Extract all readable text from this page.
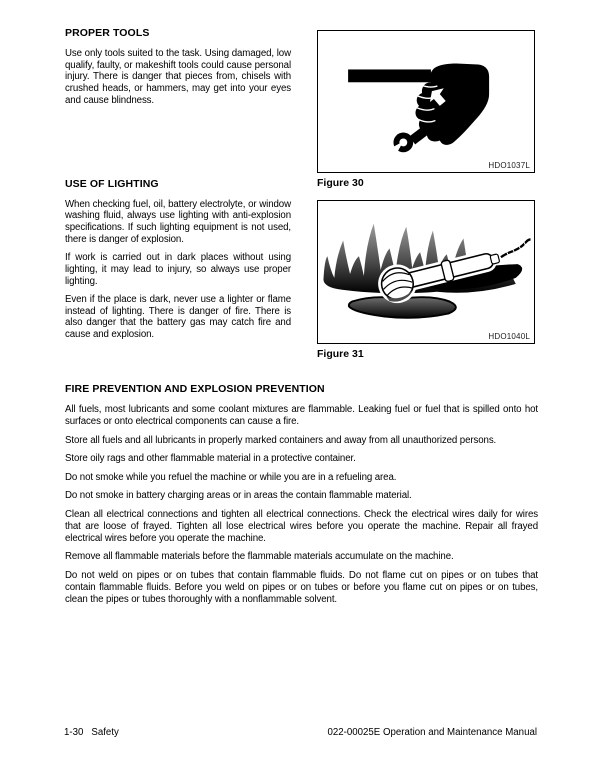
PROPER TOOLS

Use only tools suited to the task. Using damaged, low qualify, faulty, or makeshift tools could cause personal injury. There is danger that pieces from, chisels with crushed heads, or hammers, may get into your eyes and cause blindness.

USE OF LIGHTING

When checking fuel, oil, battery electrolyte, or window washing fluid, always use lighting with anti-explosion specifications. If such lighting equipment is not used, there is danger of explosion.

If work is carried out in dark places without using lighting, it may lead to injury, so always use proper lighting.

Even if the place is dark, never use a lighter or flame instead of lighting. There is danger of fire. There is also danger that the battery gas may catch fire and cause and explosion.

HDO1037L
Figure 30
HDO1040L
Figure 31
FIRE PREVENTION AND EXPLOSION PREVENTION

All fuels, most lubricants and some coolant mixtures are flammable. Leaking fuel or fuel that is spilled onto hot surfaces or onto electrical components can cause a fire.

Store all fuels and all lubricants in properly marked containers and away from all unauthorized persons.

Store oily rags and other flammable material in a protective container.

Do not smoke while you refuel the machine or while you are in a refueling area.

Do not smoke in battery charging areas or in areas the contain flammable material.

Clean all electrical connections and tighten all electrical connections. Check the electrical wires daily for wires that are loose of frayed. Tighten all lose electrical wires before you operate the machine. Repair all frayed electrical wires before you operate the machine.

Remove all flammable materials before the flammable materials accumulate on the machine.

Do not weld on pipes or on tubes that contain flammable fluids. Do not flame cut on pipes or on tubes that contain flammable fluids. Before you weld on pipes or on tubes or before you flame cut on pipes or on tubes, clean the pipes or tubes thoroughly with a nonflammable solvent.

1-30 Safety	022-00025E Operation and Maintenance Manual
